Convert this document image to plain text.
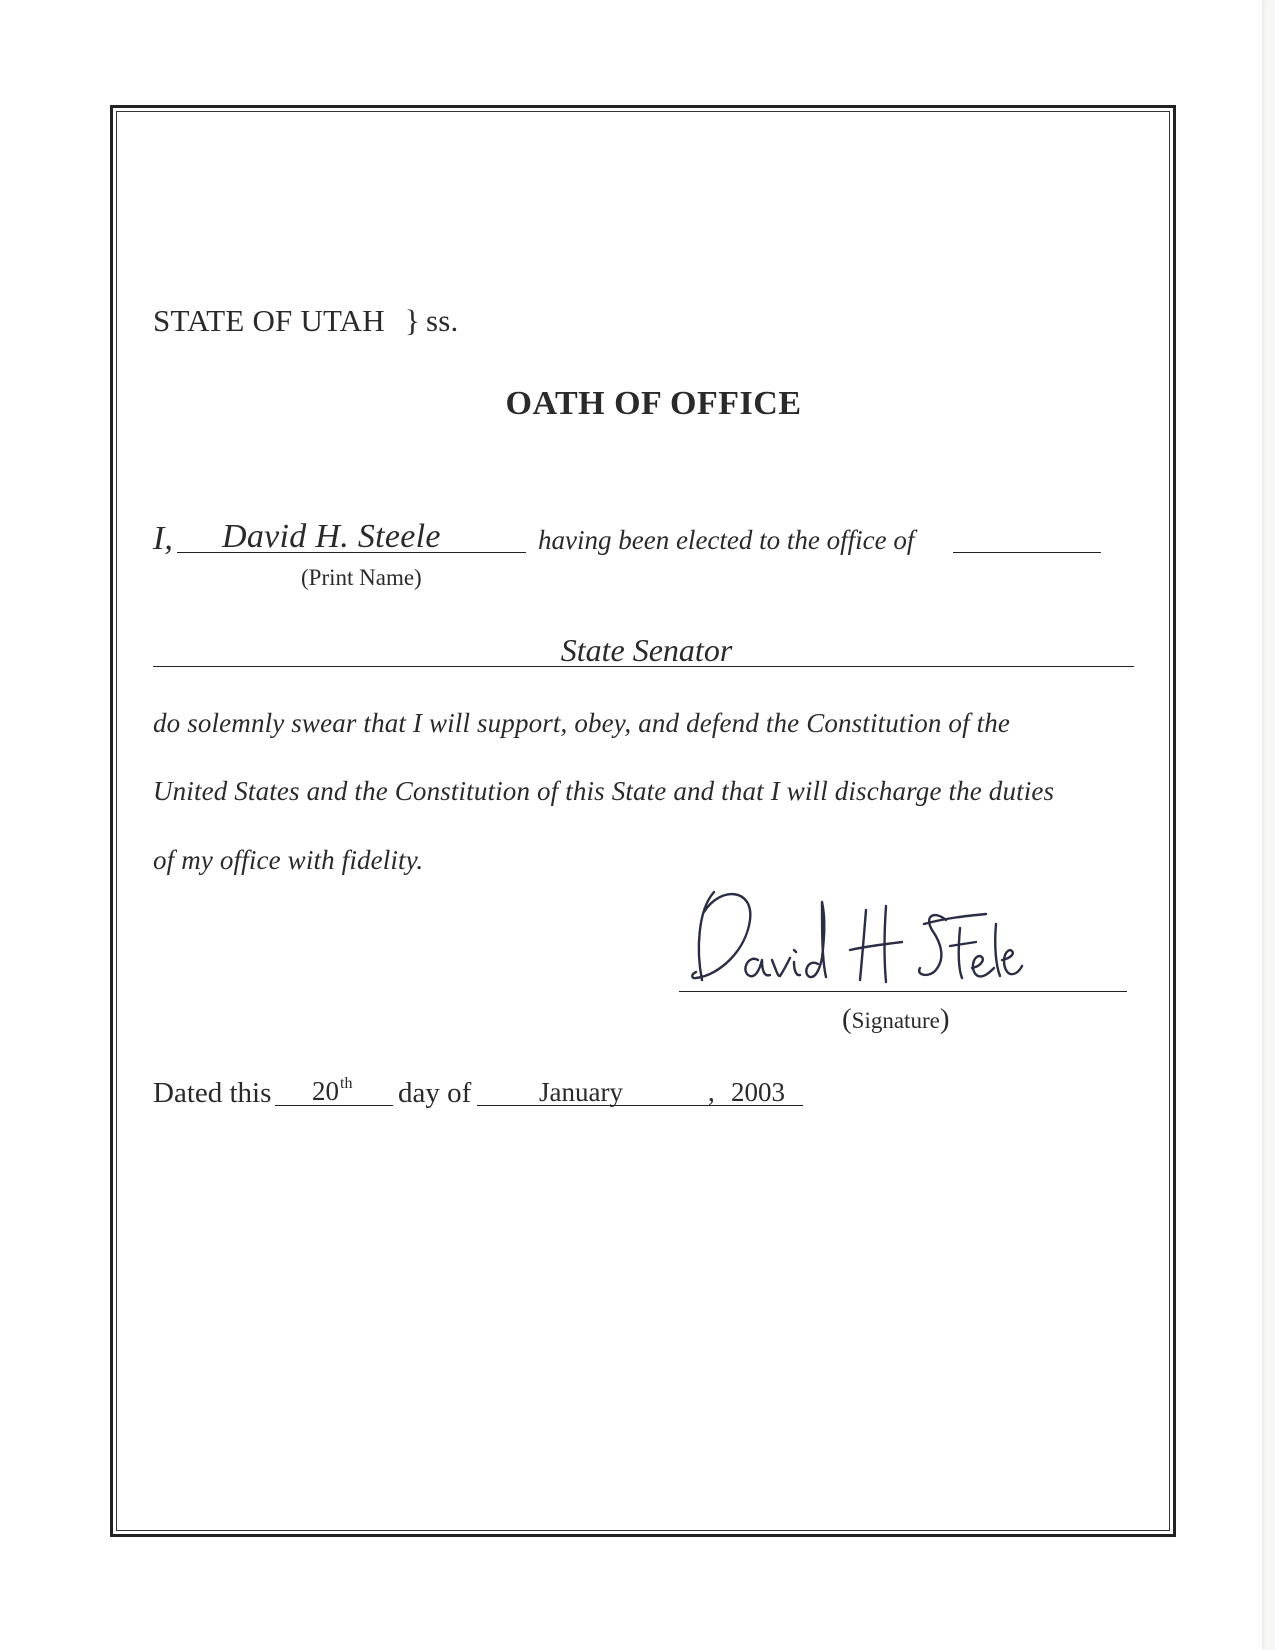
STATE OF UTAH } ss.
OATH OF OFFICE
I, David H. Steele	having been elected to the office of
(Print Name)
State Senator
do solemnly swear that I will support, obey, and defend the Constitution of the
United States and the Constitution of this State and that I will discharge the duties
of my office with fidelity.
(Signature)
Dated this 20th day of	January	, 2003
